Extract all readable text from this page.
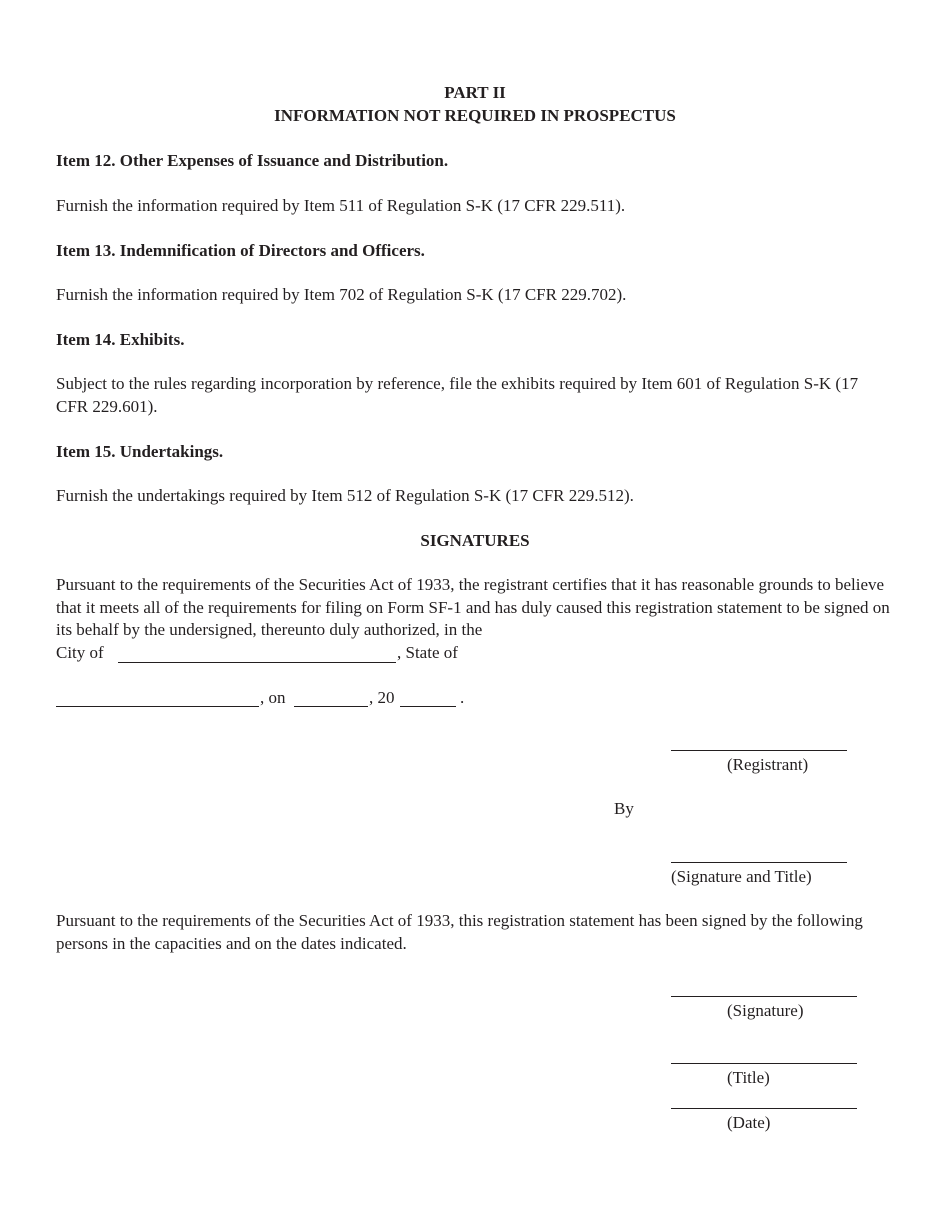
PART II
INFORMATION NOT REQUIRED IN PROSPECTUS
Item 12. Other Expenses of Issuance and Distribution.
Furnish the information required by Item 511 of Regulation S-K (17 CFR 229.511).
Item 13. Indemnification of Directors and Officers.
Furnish the information required by Item 702 of Regulation S-K (17 CFR 229.702).
Item 14. Exhibits.
Subject to the rules regarding incorporation by reference, file the exhibits required by Item 601 of Regulation S-K (17 CFR 229.601).
Item 15. Undertakings.
Furnish the undertakings required by Item 512 of Regulation S-K (17 CFR 229.512).
SIGNATURES
Pursuant to the requirements of the Securities Act of 1933, the registrant certifies that it has reasonable grounds to believe that it meets all of the requirements for filing on Form SF-1 and has duly caused this registration statement to be signed on its behalf by the undersigned, thereunto duly authorized, in the
City of	, State of
, on	, 20	.
(Registrant)
By
(Signature and Title)
Pursuant to the requirements of the Securities Act of 1933, this registration statement has been signed by the following persons in the capacities and on the dates indicated.
(Signature)
(Title)
(Date)
